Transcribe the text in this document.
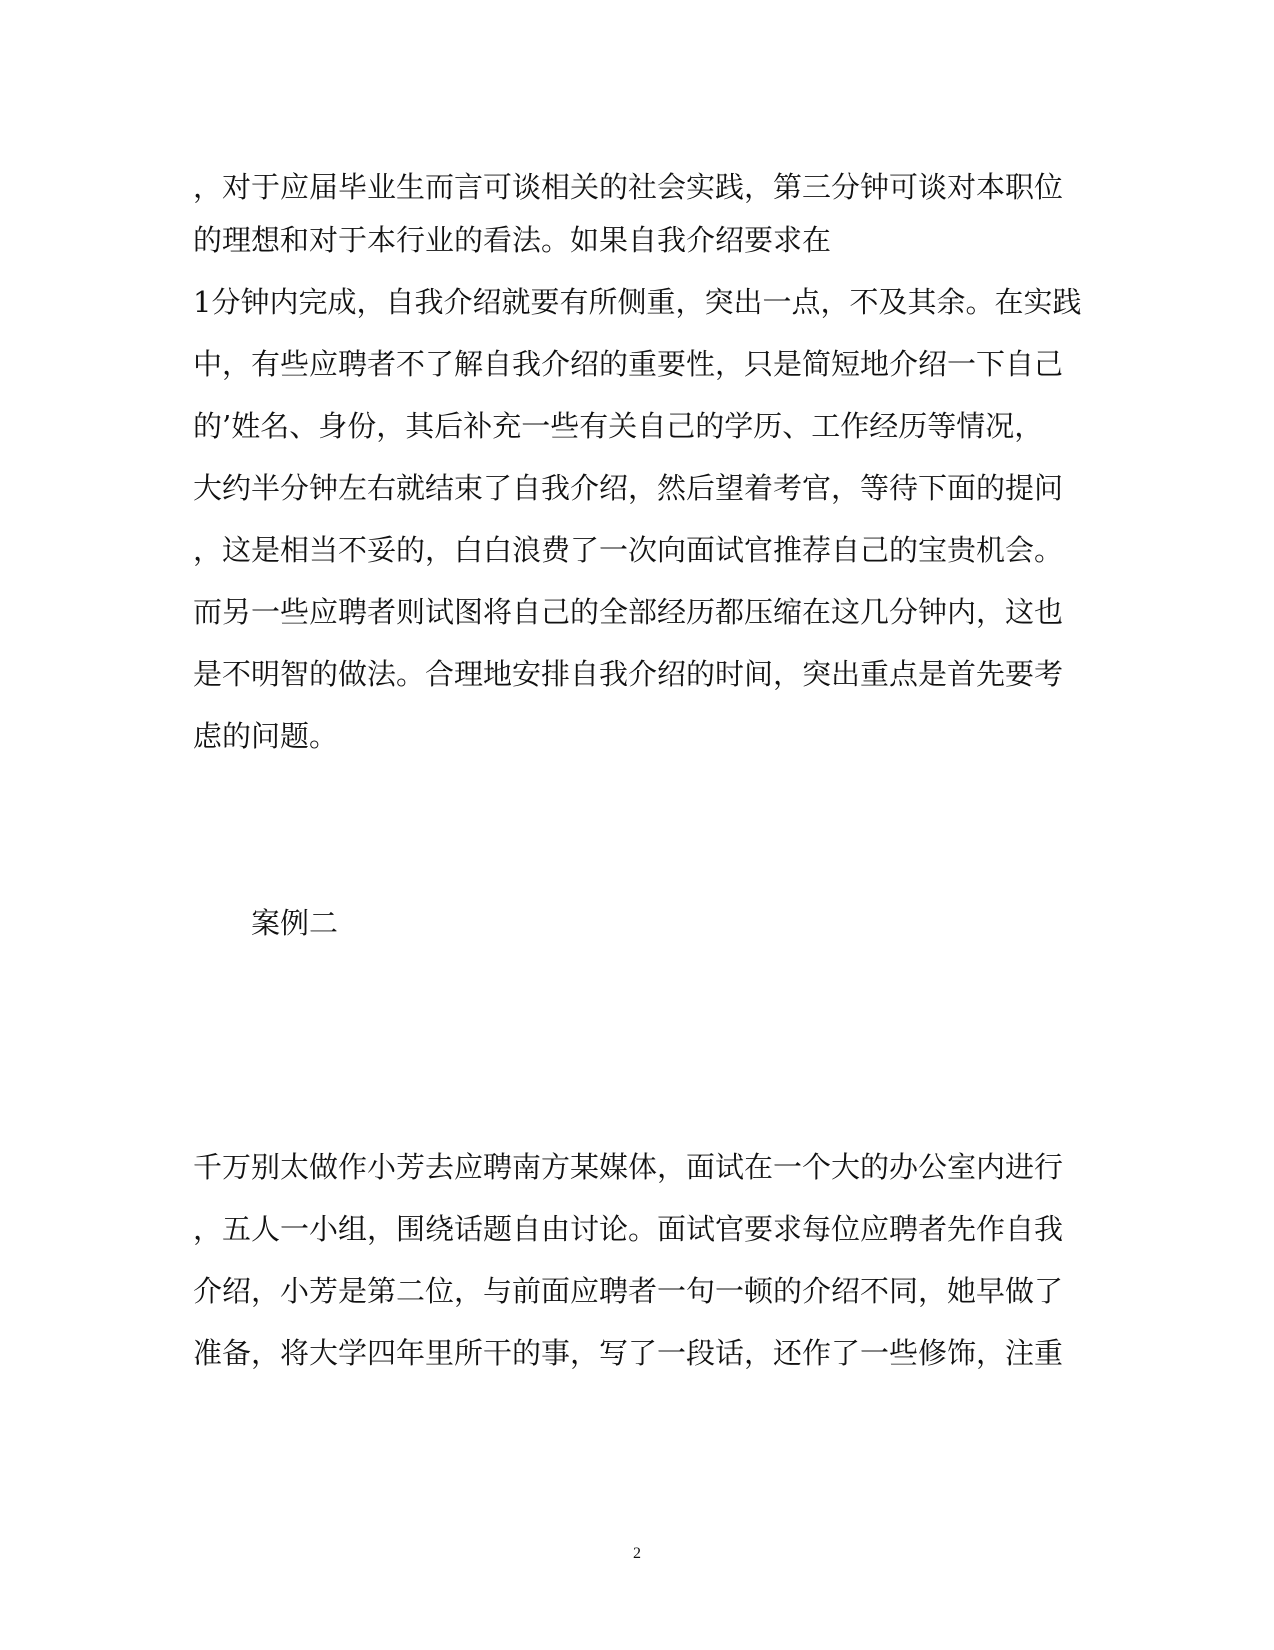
，对于应届毕业生而言可谈相关的社会实践，第三分钟可谈对本职位
的理想和对于本行业的看法。如果自我介绍要求在
1分钟内完成，自我介绍就要有所侧重，突出一点，不及其余。在实践
中，有些应聘者不了解自我介绍的重要性，只是简短地介绍一下自己
的’姓名、身份，其后补充一些有关自己的学历、工作经历等情况，
大约半分钟左右就结束了自我介绍，然后望着考官，等待下面的提问
，这是相当不妥的，白白浪费了一次向面试官推荐自己的宝贵机会。
而另一些应聘者则试图将自己的全部经历都压缩在这几分钟内，这也
是不明智的做法。合理地安排自我介绍的时间，突出重点是首先要考
虑的问题。
案例二
千万别太做作小芳去应聘南方某媒体，面试在一个大的办公室内进行
，五人一小组，围绕话题自由讨论。面试官要求每位应聘者先作自我
介绍，小芳是第二位，与前面应聘者一句一顿的介绍不同，她早做了
准备，将大学四年里所干的事，写了一段话，还作了一些修饰，注重
2
